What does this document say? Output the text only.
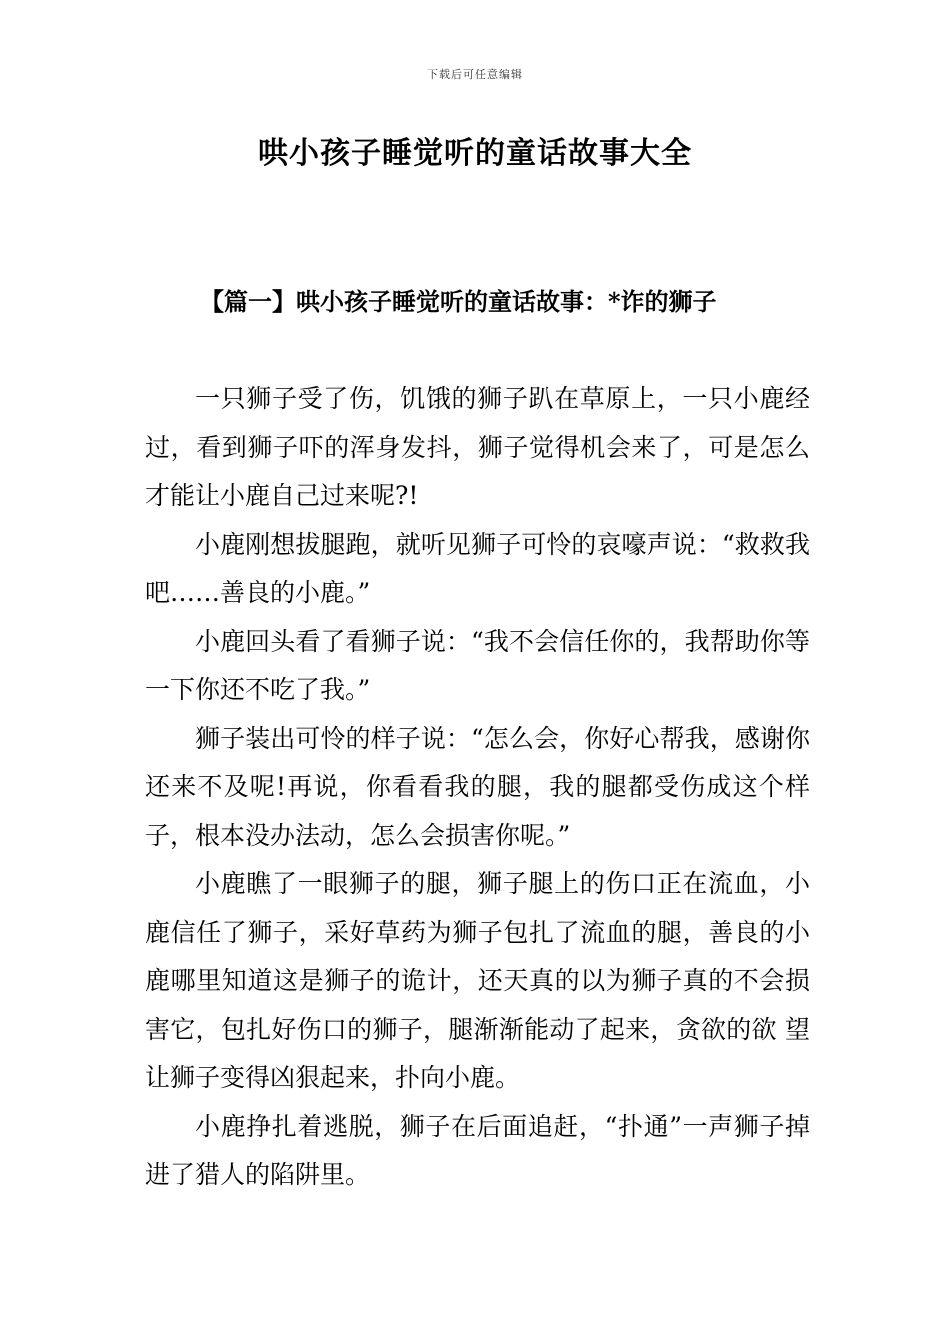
下载后可任意编辑
哄小孩子睡觉听的童话故事大全
【篇一】哄小孩子睡觉听的童话故事：*诈的狮子

一只狮子受了伤，饥饿的狮子趴在草原上，一只小鹿经过，看到狮子吓的浑身发抖，狮子觉得机会来了，可是怎么才能让小鹿自己过来呢?!

小鹿刚想拔腿跑，就听见狮子可怜的哀嚎声说：“救救我吧……善良的小鹿。”

小鹿回头看了看狮子说：“我不会信任你的，我帮助你等一下你还不吃了我。”

狮子装出可怜的样子说：“怎么会，你好心帮我，感谢你还来不及呢!再说，你看看我的腿，我的腿都受伤成这个样子，根本没办法动，怎么会损害你呢。”

小鹿瞧了一眼狮子的腿，狮子腿上的伤口正在流血，小鹿信任了狮子，采好草药为狮子包扎了流血的腿，善良的小鹿哪里知道这是狮子的诡计，还天真的以为狮子真的不会损害它，包扎好伤口的狮子，腿渐渐能动了起来，贪欲的欲 望让狮子变得凶狠起来，扑向小鹿。

小鹿挣扎着逃脱，狮子在后面追赶，“扑通”一声狮子掉进了猎人的陷阱里。
